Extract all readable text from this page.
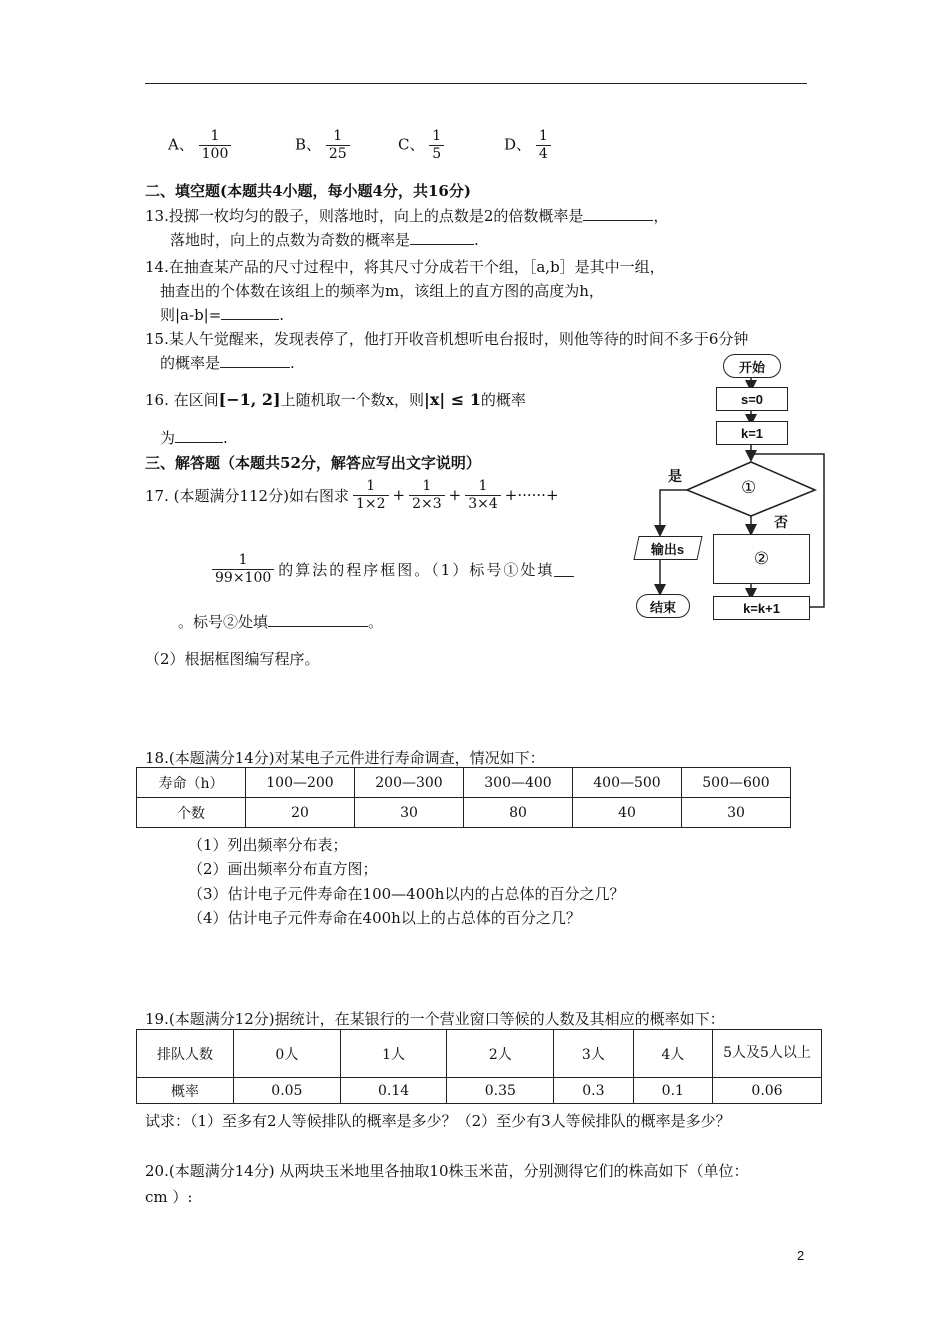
A、 $\frac{1}{100}$	B、 $\frac{1}{25}$	C、 $\frac{1}{5}$	D、 $\frac{1}{4}$
二、填空题(本题共4小题，每小题4分，共16分)
13.投掷一枚均匀的骰子，则落地时，向上的点数是2的倍数概率是	，
落地时，向上的点数为奇数的概率是	.
14.在抽查某产品的尺寸过程中，将其尺寸分成若干个组，［a,b］是其中一组，
抽查出的个体数在该组上的频率为m，该组上的直方图的高度为h，
则|a-b|=	.
15.某人午觉醒来，发现表停了，他打开收音机想听电台报时，则他等待的时间不多于6分钟
的概率是	.
16. 在区间[−1, 2]上随机取一个数x，则|x| ≤ 1的概率
为	.
三、解答题（本题共52分，解答应写出文字说明）
17. (本题满分112分)如右图求 $\frac{1}{1\times 2} + \frac{1}{2\times 3} + \frac{1}{3\times 4}$ +······+
$\frac{1}{99\times 100}$ 的算法的程序框图。（1）标号①处填
。标号②处填	。
（2）根据框图编写程序。
开始
s=0
k=1
①
是
否
输出s	②
k=k+1
结束
18.(本题满分14分)对某电子元件进行寿命调查，情况如下：
寿命（h）	100—200	200—300	300—400	400—500	500—600
个数	20	30	80	40	30
（1）列出频率分布表；
（2）画出频率分布直方图；
（3）估计电子元件寿命在100—400h以内的占总体的百分之几？
（4）估计电子元件寿命在400h以上的占总体的百分之几？
19.(本题满分12分)据统计，在某银行的一个营业窗口等候的人数及其相应的概率如下：
排队人数	0人	1人	2人	3人	4人	5人及5人以上
概率	0.05	0.14	0.35	0.3	0.1	0.06
试求：（1）至多有2人等候排队的概率是多少？（2）至少有3人等候排队的概率是多少？
20.(本题满分14分) 从两块玉米地里各抽取10株玉米苗，分别测得它们的株高如下（单位：
cm ）:
2
